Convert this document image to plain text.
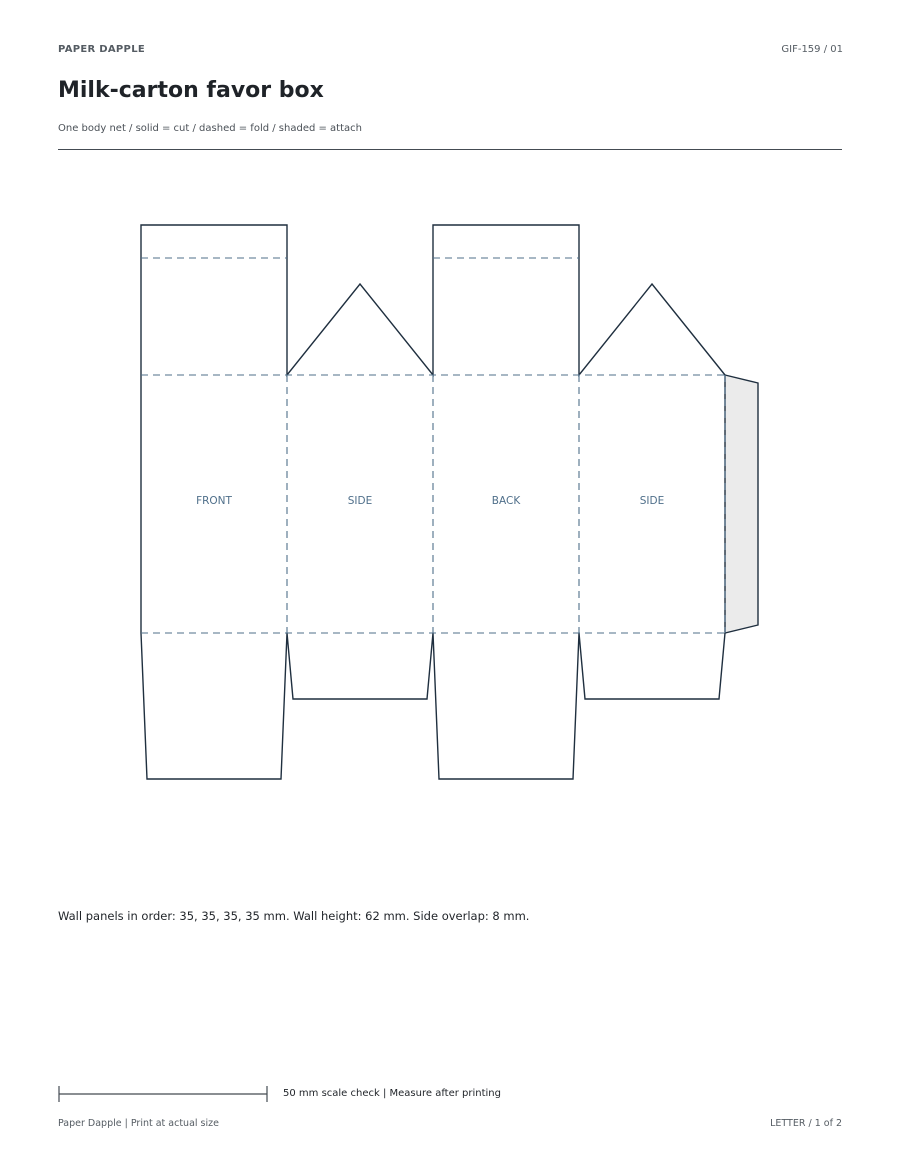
PAPER DAPPLE	GIF-159 / 01
Milk-carton favor box
One body net / solid = cut / dashed = fold / shaded = attach
FRONT	SIDE	BACK	SIDE
Wall panels in order: 35, 35, 35, 35 mm. Wall height: 62 mm. Side overlap: 8 mm.
50 mm scale check | Measure after printing
Paper Dapple | Print at actual size	LETTER / 1 of 2
